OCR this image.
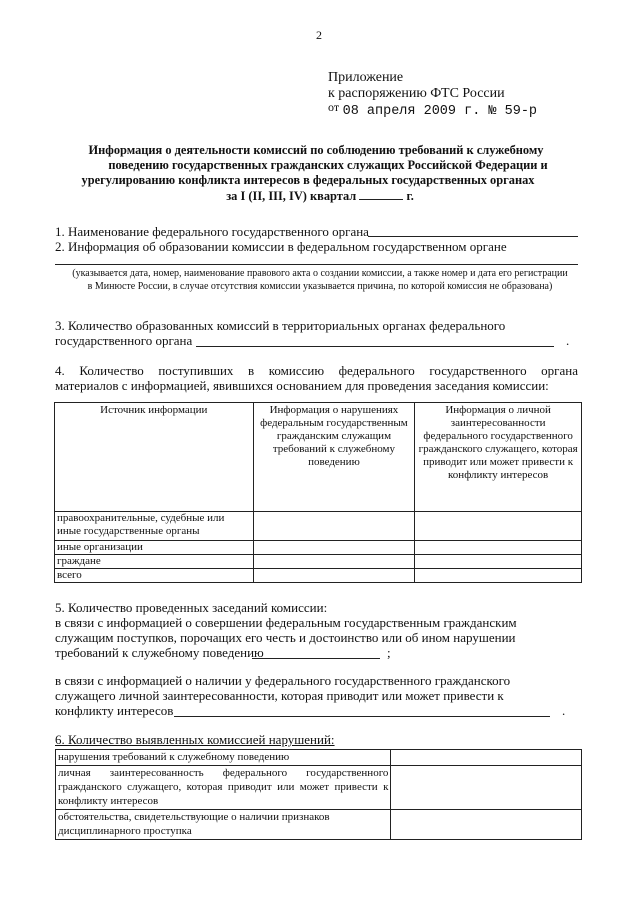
2
Приложение
к распоряжению ФТС России
от 08 апреля 2009 г. № 59-р
Информация о деятельности комиссий по соблюдению требований к служебному
поведению государственных гражданских служащих Российской Федерации и
урегулированию конфликта интересов в федеральных государственных органах
за I (II, III, IV) квартал	г.
1. Наименование федерального государственного органа
2. Информация об образовании комиссии в федеральном государственном органе
(указывается дата, номер, наименование правового акта о создании комиссии, а также номер и дата его регистрации в Минюсте России, в случае отсутствия комиссии указывается причина, по которой комиссия не образована)
3. Количество образованных комиссий в территориальных органах федерального
государственного органа	.
4. Количество поступивших в комиссию федерального государственного органа
материалов с информацией, явившихся основанием для проведения заседания комиссии:
Источник информации	Информация о нарушениях федеральным государственным гражданским служащим требований к служебному поведению	Информация о личной заинтересованности федерального государственного гражданского служащего, которая приводит или может привести к конфликту интересов
правоохранительные, судебные или иные государственные органы		
иные организации		
граждане		
всего		
5. Количество проведенных заседаний комиссии:
в связи с информацией о совершении федеральным государственным гражданским
служащим поступков, порочащих его честь и достоинство или об ином нарушении
требований к служебному поведению	;
в связи с информацией о наличии у федерального государственного гражданского
служащего личной заинтересованности, которая приводит или может привести к
конфликту интересов	.
6. Количество выявленных комиссией нарушений:
нарушения требований к служебному поведению	
личная заинтересованность федерального государственного гражданского служащего, которая приводит или может привести к конфликту интересов	
обстоятельства, свидетельствующие о наличии признаков дисциплинарного проступка	
